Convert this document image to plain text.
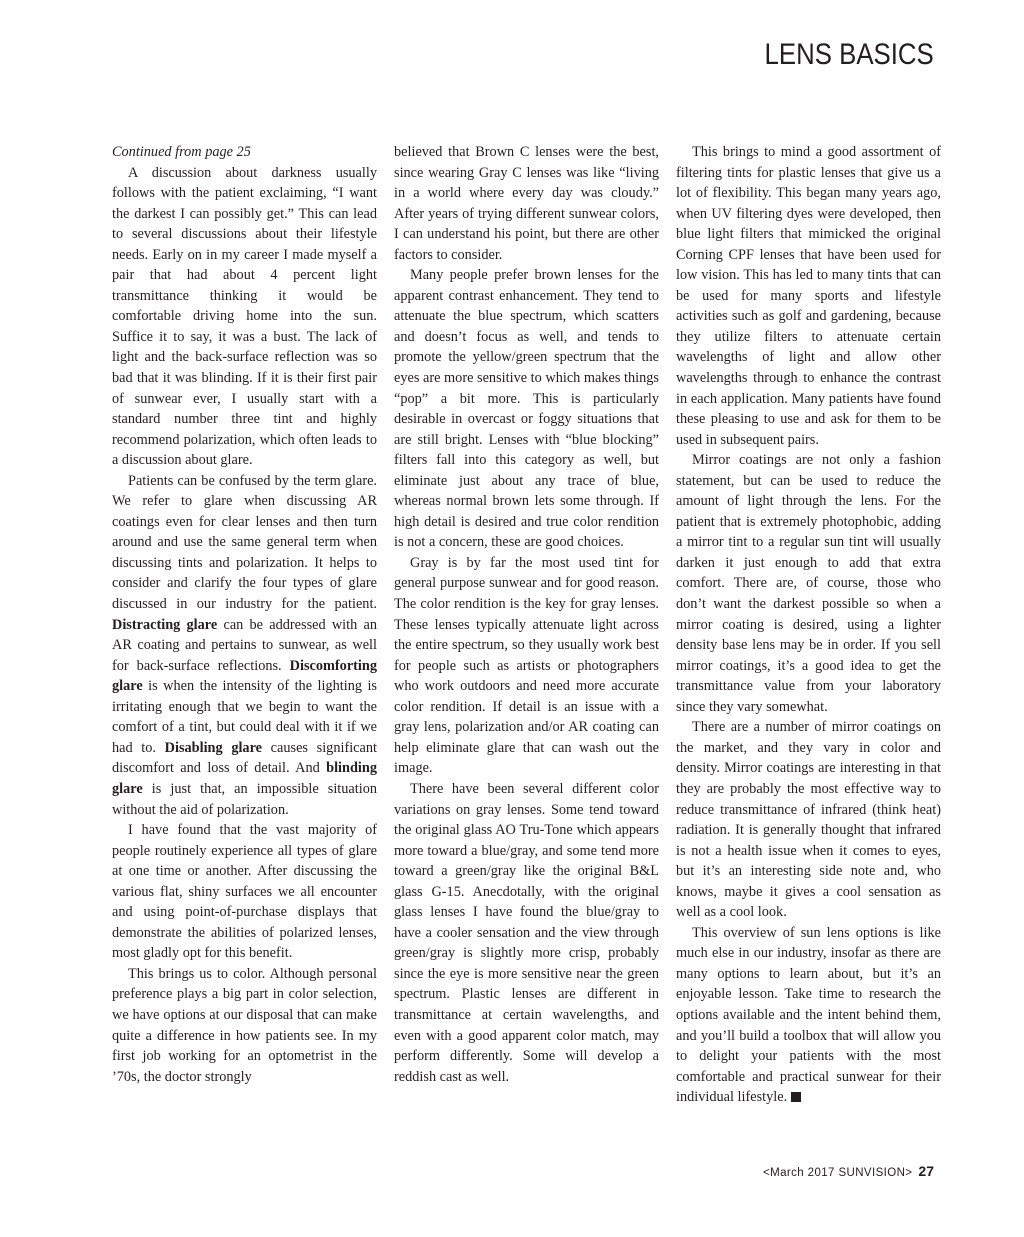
LENS BASICS

Continued from page 25

A discussion about darkness usually follows with the patient exclaiming, “I want the darkest I can possibly get.” This can lead to several discussions about their lifestyle needs. Early on in my career I made myself a pair that had about 4 percent light transmittance thinking it would be comfortable driving home into the sun. Suffice it to say, it was a bust. The lack of light and the back-surface reflection was so bad that it was blinding. If it is their first pair of sunwear ever, I usually start with a standard number three tint and highly recommend polarization, which often leads to a discussion about glare.

Patients can be confused by the term glare. We refer to glare when discussing AR coatings even for clear lenses and then turn around and use the same general term when discussing tints and polarization. It helps to consider and clarify the four types of glare discussed in our industry for the patient. Distracting glare can be addressed with an AR coating and pertains to sunwear, as well for back-surface reflections. Discomforting glare is when the intensity of the lighting is irritating enough that we begin to want the comfort of a tint, but could deal with it if we had to. Disabling glare causes significant discomfort and loss of detail. And blinding glare is just that, an impossible situation without the aid of polarization.

I have found that the vast majority of people routinely experience all types of glare at one time or another. After discussing the various flat, shiny surfaces we all encounter and using point-of-purchase displays that demonstrate the abilities of polarized lenses, most gladly opt for this benefit.

This brings us to color. Although personal preference plays a big part in color selection, we have options at our disposal that can make quite a difference in how patients see. In my first job working for an optometrist in the ’70s, the doctor strongly

believed that Brown C lenses were the best, since wearing Gray C lenses was like “living in a world where every day was cloudy.” After years of trying different sunwear colors, I can understand his point, but there are other factors to consider.

Many people prefer brown lenses for the apparent contrast enhancement. They tend to attenuate the blue spectrum, which scatters and doesn’t focus as well, and tends to promote the yellow/green spectrum that the eyes are more sensitive to which makes things “pop” a bit more. This is particularly desirable in overcast or foggy situations that are still bright. Lenses with “blue blocking” filters fall into this category as well, but eliminate just about any trace of blue, whereas normal brown lets some through. If high detail is desired and true color rendition is not a concern, these are good choices.

Gray is by far the most used tint for general purpose sunwear and for good reason. The color rendition is the key for gray lenses. These lenses typically attenuate light across the entire spectrum, so they usually work best for people such as artists or photographers who work outdoors and need more accurate color rendition. If detail is an issue with a gray lens, polarization and/or AR coating can help eliminate glare that can wash out the image.

There have been several different color variations on gray lenses. Some tend toward the original glass AO Tru-Tone which appears more toward a blue/gray, and some tend more toward a green/gray like the original B&L glass G-15. Anecdotally, with the original glass lenses I have found the blue/gray to have a cooler sensation and the view through green/gray is slightly more crisp, probably since the eye is more sensitive near the green spectrum. Plastic lenses are different in transmittance at certain wavelengths, and even with a good apparent color match, may perform differently. Some will develop a reddish cast as well.

This brings to mind a good assortment of filtering tints for plastic lenses that give us a lot of flexibility. This began many years ago, when UV filtering dyes were developed, then blue light filters that mimicked the original Corning CPF lenses that have been used for low vision. This has led to many tints that can be used for many sports and lifestyle activities such as golf and gardening, because they utilize filters to attenuate certain wavelengths of light and allow other wavelengths through to enhance the contrast in each application. Many patients have found these pleasing to use and ask for them to be used in subsequent pairs.

Mirror coatings are not only a fashion statement, but can be used to reduce the amount of light through the lens. For the patient that is extremely photophobic, adding a mirror tint to a regular sun tint will usually darken it just enough to add that extra comfort. There are, of course, those who don’t want the darkest possible so when a mirror coating is desired, using a lighter density base lens may be in order. If you sell mirror coatings, it’s a good idea to get the transmittance value from your laboratory since they vary somewhat.

There are a number of mirror coatings on the market, and they vary in color and density. Mirror coatings are interesting in that they are probably the most effective way to reduce transmittance of infrared (think heat) radiation. It is generally thought that infrared is not a health issue when it comes to eyes, but it’s an interesting side note and, who knows, maybe it gives a cool sensation as well as a cool look.

This overview of sun lens options is like much else in our industry, insofar as there are many options to learn about, but it’s an enjoyable lesson. Take time to research the options available and the intent behind them, and you’ll build a toolbox that will allow you to delight your patients with the most comfortable and practical sunwear for their individual lifestyle.

<March 2017 SUNVISION> 27
